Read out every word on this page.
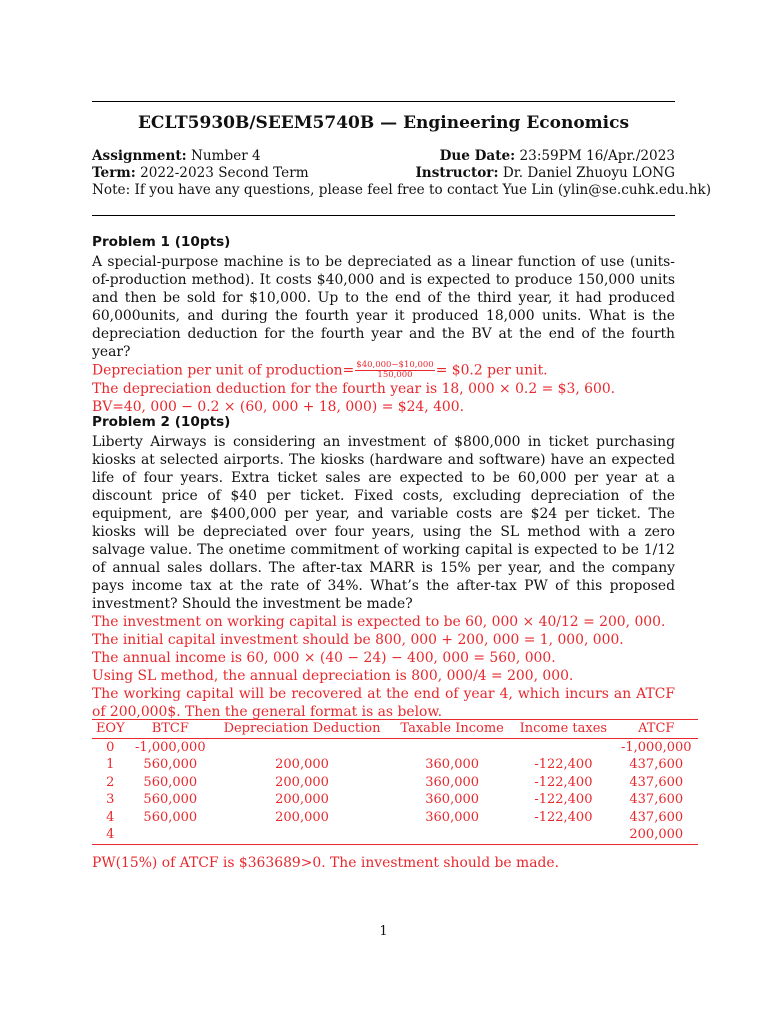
ECLT5930B/SEEM5740B — Engineering Economics
Assignment: Number 4	Due Date: 23:59PM 16/Apr./2023
Term: 2022-2023 Second Term	Instructor: Dr. Daniel Zhuoyu LONG
Note: If you have any questions, please feel free to contact Yue Lin (ylin@se.cuhk.edu.hk)
Problem 1 (10pts)
A special-purpose machine is to be depreciated as a linear function of use (units-of-production method). It costs $40,000 and is expected to produce 150,000 units and then be sold for $10,000. Up to the end of the third year, it had produced 60,000units, and during the fourth year it produced 18,000 units. What is the depreciation deduction for the fourth year and the BV at the end of the fourth year?
Depreciation per unit of production= $\frac{\$40,000-\$10,000}{150,000}$ = $0.2 per unit.
The depreciation deduction for the fourth year is 18, 000 × 0.2 = $3, 600.
BV=40, 000 − 0.2 × (60, 000 + 18, 000) = $24, 400.
Problem 2 (10pts)
Liberty Airways is considering an investment of $800,000 in ticket purchasing kiosks at selected airports. The kiosks (hardware and software) have an expected life of four years. Extra ticket sales are expected to be 60,000 per year at a discount price of $40 per ticket. Fixed costs, excluding depreciation of the equipment, are $400,000 per year, and variable costs are $24 per ticket. The kiosks will be depreciated over four years, using the SL method with a zero salvage value. The onetime commitment of working capital is expected to be 1/12 of annual sales dollars. The after-tax MARR is 15% per year, and the company pays income tax at the rate of 34%. What’s the after-tax PW of this proposed investment? Should the investment be made?
The investment on working capital is expected to be 60, 000 × 40/12 = 200, 000.
The initial capital investment should be 800, 000 + 200, 000 = 1, 000, 000.
The annual income is 60, 000 × (40 − 24) − 400, 000 = 560, 000.
Using SL method, the annual depreciation is 800, 000/4 = 200, 000.
The working capital will be recovered at the end of year 4, which incurs an ATCF of 200,000$. Then the general format is as below.
EOY	BTCF	Depreciation Deduction	Taxable Income	Income taxes	ATCF
0	-1,000,000				-1,000,000
1	560,000	200,000	360,000	-122,400	437,600
2	560,000	200,000	360,000	-122,400	437,600
3	560,000	200,000	360,000	-122,400	437,600
4	560,000	200,000	360,000	-122,400	437,600
4					200,000
PW(15%) of ATCF is $363689>0. The investment should be made.
1
